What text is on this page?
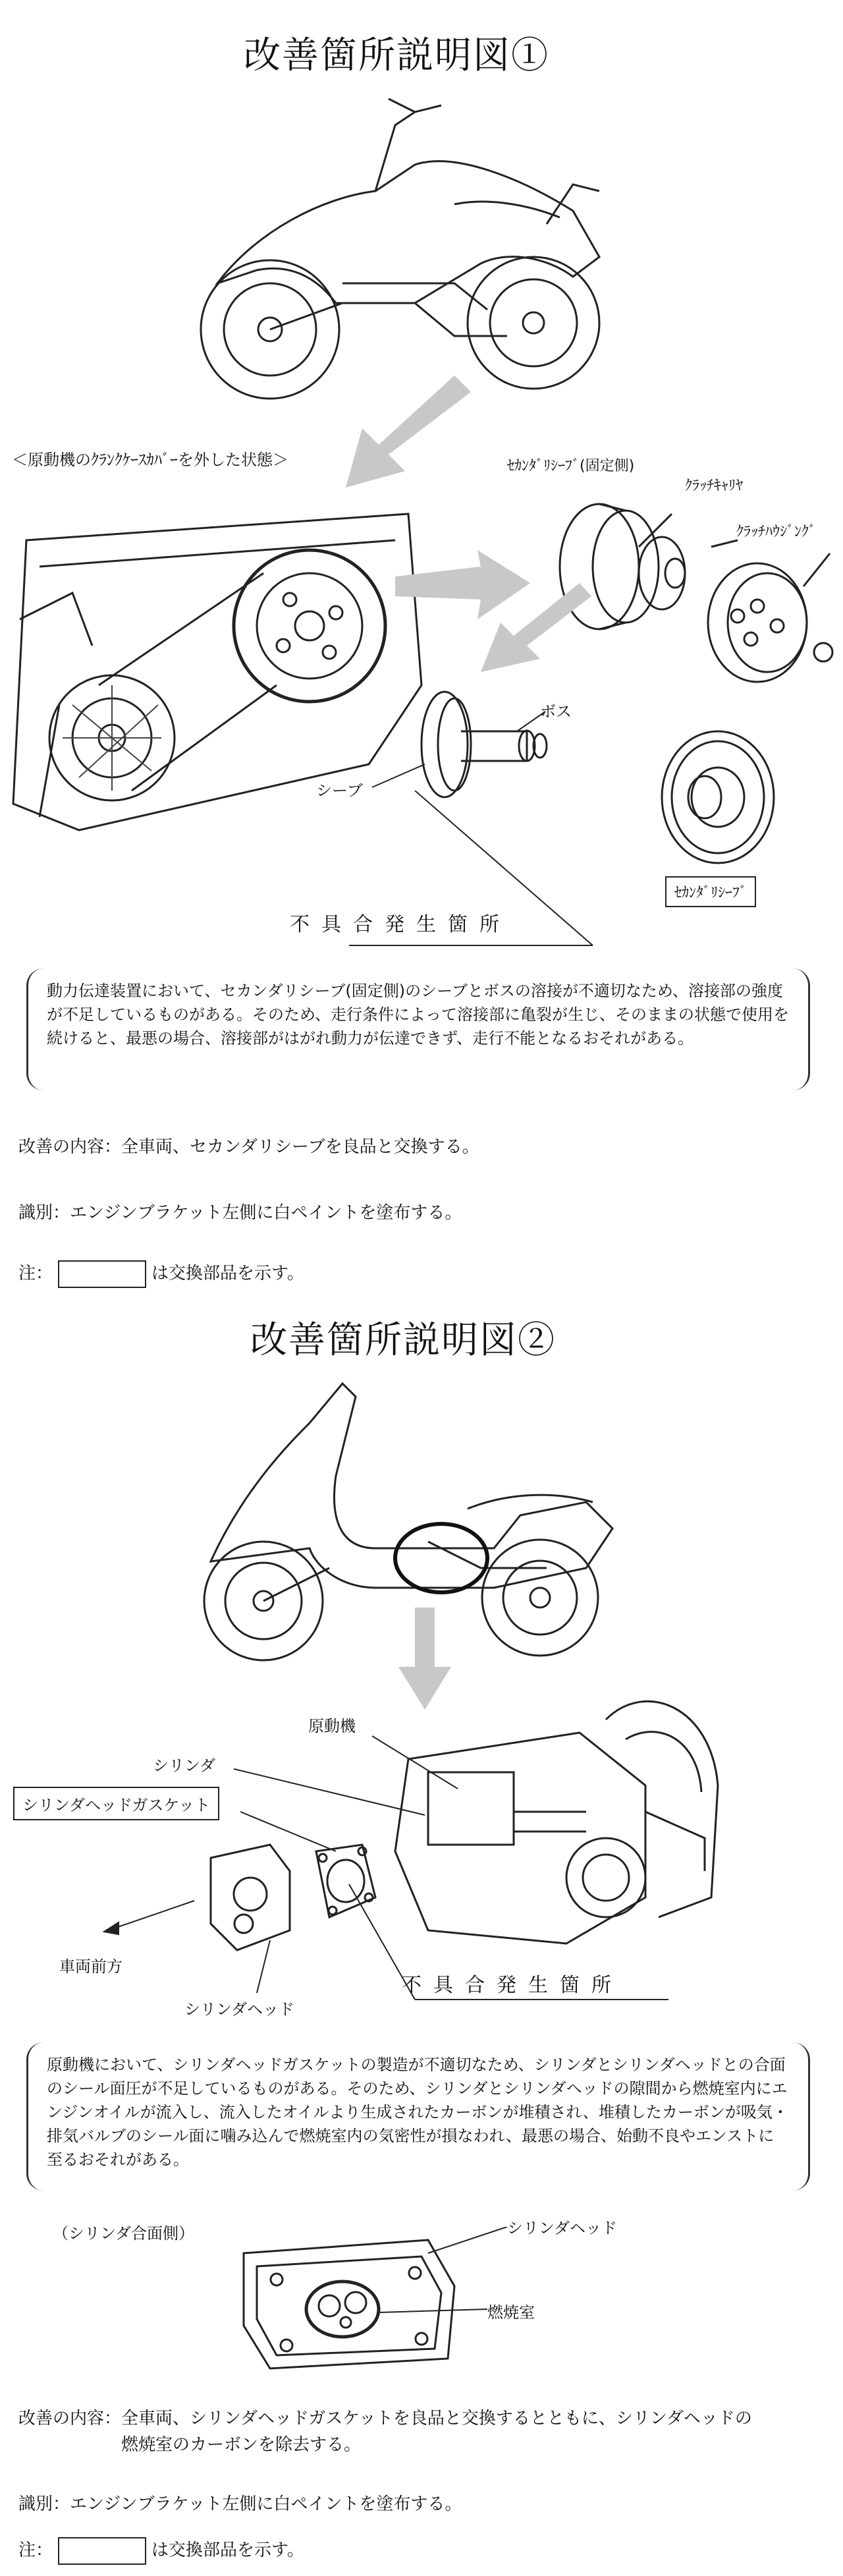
改善箇所説明図①
＜原動機のｸﾗﾝｸｹｰｽｶﾊﾞｰを外した状態＞	ｾｶﾝﾀﾞﾘｼｰﾌﾞ(固定側)
ｸﾗｯﾁｷｬﾘﾔ
ｸﾗｯﾁﾊｳｼﾞﾝｸﾞ
ボス
シーブ
ｾｶﾝﾀﾞﾘｼｰﾌﾞ
不具合発生箇所
動力伝達装置において、セカンダリシーブ(固定側)のシーブとボスの溶接が不適切なため、溶接部の強度が不足しているものがある。そのため、走行条件によって溶接部に亀裂が生じ、そのままの状態で使用を続けると、最悪の場合、溶接部がはがれ動力が伝達できず、走行不能となるおそれがある。
改善の内容：全車両、セカンダリシーブを良品と交換する。
識別：エンジンブラケット左側に白ペイントを塗布する。
注：	は交換部品を示す。
改善箇所説明図②
原動機
シリンダ
シリンダヘッドガスケット
車両前方
シリンダヘッド
不具合発生箇所
原動機において、シリンダヘッドガスケットの製造が不適切なため、シリンダとシリンダヘッドとの合面のシール面圧が不足しているものがある。そのため、シリンダとシリンダヘッドの隙間から燃焼室内にエンジンオイルが流入し、流入したオイルより生成されたカーボンが堆積され、堆積したカーボンが吸気・排気バルブのシール面に噛み込んで燃焼室内の気密性が損なわれ、最悪の場合、始動不良やエンストに至るおそれがある。
（シリンダ合面側）	シリンダヘッド
燃焼室
改善の内容：全車両、シリンダヘッドガスケットを良品と交換するとともに、シリンダヘッドの
燃焼室のカーボンを除去する。
識別：エンジンブラケット左側に白ペイントを塗布する。
注：	は交換部品を示す。
